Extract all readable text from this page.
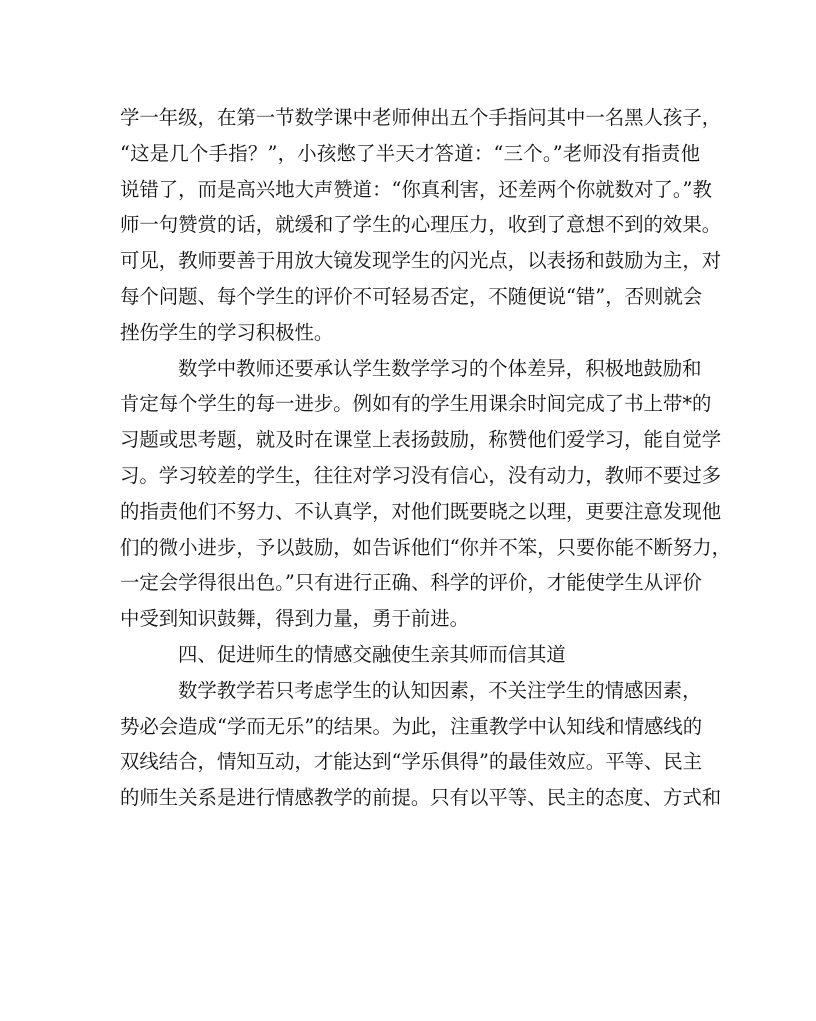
学一年级，在第一节数学课中老师伸出五个手指问其中一名黑人孩子，
“这是几个手指？”，小孩憋了半天才答道：“三个。”老师没有指责他
说错了，而是高兴地大声赞道：“你真利害，还差两个你就数对了。”教
师一句赞赏的话，就缓和了学生的心理压力，收到了意想不到的效果。
可见，教师要善于用放大镜发现学生的闪光点，以表扬和鼓励为主，对
每个问题、每个学生的评价不可轻易否定，不随便说“错”，否则就会
挫伤学生的学习积极性。
数学中教师还要承认学生数学学习的个体差异，积极地鼓励和
肯定每个学生的每一进步。例如有的学生用课余时间完成了书上带*的
习题或思考题，就及时在课堂上表扬鼓励，称赞他们爱学习，能自觉学
习。学习较差的学生，往往对学习没有信心，没有动力，教师不要过多
的指责他们不努力、不认真学，对他们既要晓之以理，更要注意发现他
们的微小进步，予以鼓励，如告诉他们“你并不笨，只要你能不断努力，
一定会学得很出色。”只有进行正确、科学的评价，才能使学生从评价
中受到知识鼓舞，得到力量，勇于前进。
四、促进师生的情感交融使生亲其师而信其道
数学教学若只考虑学生的认知因素，不关注学生的情感因素，
势必会造成“学而无乐”的结果。为此，注重教学中认知线和情感线的
双线结合，情知互动，才能达到“学乐俱得”的最佳效应。平等、民主
的师生关系是进行情感教学的前提。只有以平等、民主的态度、方式和
